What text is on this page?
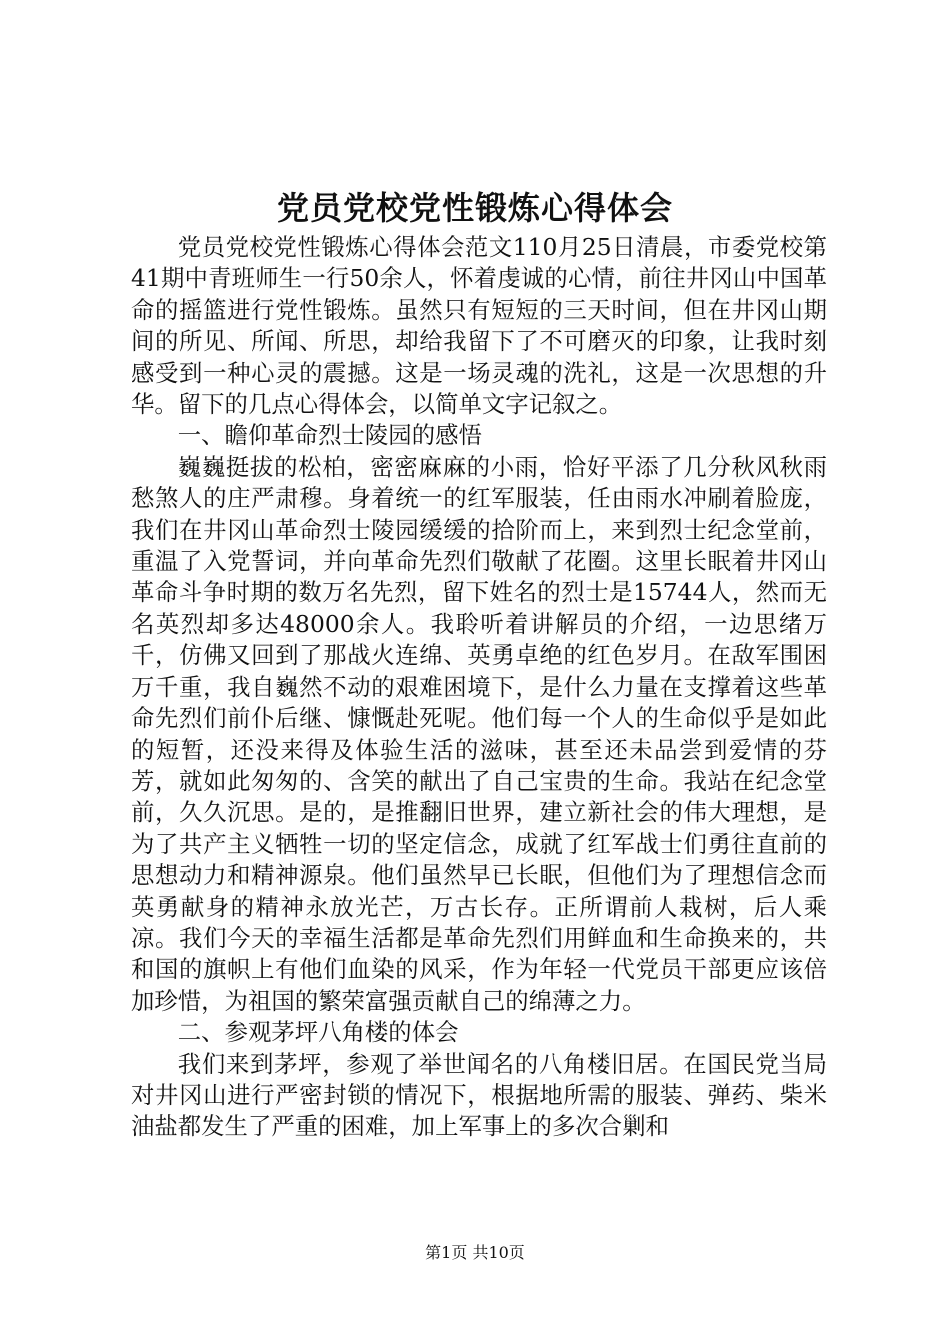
党员党校党性锻炼心得体会

党员党校党性锻炼心得体会范文110月25日清晨，市委党校第41期中青班师生一行50余人，怀着虔诚的心情，前往井冈山中国革命的摇篮进行党性锻炼。虽然只有短短的三天时间，但在井冈山期间的所见、所闻、所思，却给我留下了不可磨灭的印象，让我时刻感受到一种心灵的震撼。这是一场灵魂的洗礼，这是一次思想的升华。留下的几点心得体会，以简单文字记叙之。

一、瞻仰革命烈士陵园的感悟

巍巍挺拔的松柏，密密麻麻的小雨，恰好平添了几分秋风秋雨愁煞人的庄严肃穆。身着统一的红军服装，任由雨水冲刷着脸庞，我们在井冈山革命烈士陵园缓缓的拾阶而上，来到烈士纪念堂前，重温了入党誓词，并向革命先烈们敬献了花圈。这里长眠着井冈山革命斗争时期的数万名先烈，留下姓名的烈士是15744人，然而无名英烈却多达48000余人。我聆听着讲解员的介绍，一边思绪万千，仿佛又回到了那战火连绵、英勇卓绝的红色岁月。在敌军围困万千重，我自巍然不动的艰难困境下，是什么力量在支撑着这些革命先烈们前仆后继、慷慨赴死呢。他们每一个人的生命似乎是如此的短暂，还没来得及体验生活的滋味，甚至还未品尝到爱情的芬芳，就如此匆匆的、含笑的献出了自己宝贵的生命。我站在纪念堂前，久久沉思。是的，是推翻旧世界，建立新社会的伟大理想，是为了共产主义牺牲一切的坚定信念，成就了红军战士们勇往直前的思想动力和精神源泉。他们虽然早已长眠，但他们为了理想信念而英勇献身的精神永放光芒，万古长存。正所谓前人栽树，后人乘凉。我们今天的幸福生活都是革命先烈们用鲜血和生命换来的，共和国的旗帜上有他们血染的风采，作为年轻一代党员干部更应该倍加珍惜，为祖国的繁荣富强贡献自己的绵薄之力。

二、参观茅坪八角楼的体会

我们来到茅坪，参观了举世闻名的八角楼旧居。在国民党当局对井冈山进行严密封锁的情况下，根据地所需的服装、弹药、柴米油盐都发生了严重的困难，加上军事上的多次合剿和

第1页 共10页
